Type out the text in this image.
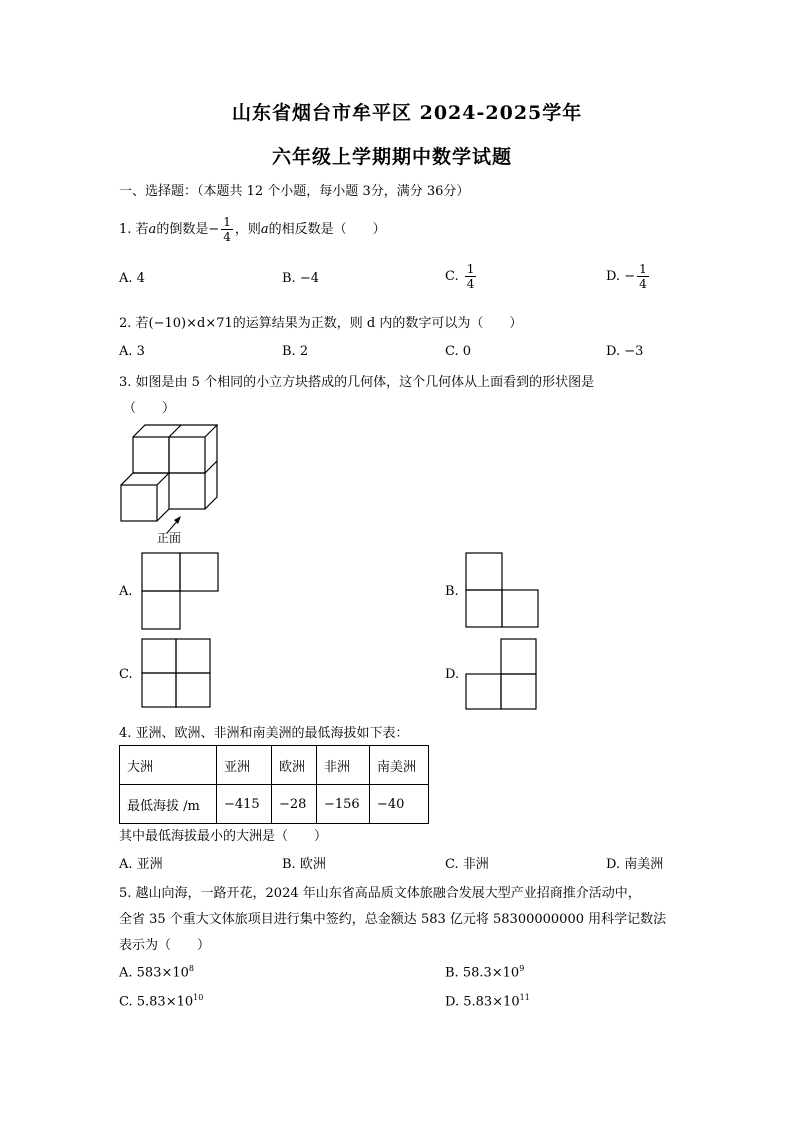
山东省烟台市牟平区 2024-2025学年
六年级上学期期中数学试题
一、选择题：（本题共 12 个小题，每小题 3分，满分 36分）
1. 若a的倒数是− $\frac{1}{4}$ ，则a的相反数是（　　）
A. 4	B. −4	C. $\frac{1}{4}$	D. − $\frac{1}{4}$
2. 若(−10)×d×71的运算结果为正数，则 d 内的数字可以为（　　）
A. 3	B. 2	C. 0	D. −3
3. 如图是由 5 个相同的小立方块搭成的几何体，这个几何体从上面看到的形状图是
（　　）
正面
A.	B.
C.	D.
4. 亚洲、欧洲、非洲和南美洲的最低海拔如下表：
大洲	亚洲	欧洲	非洲	南美洲
最低海拔 /m	−415	−28	−156	−40
其中最低海拔最小的大洲是（　　）
A. 亚洲	B. 欧洲	C. 非洲	D. 南美洲
5. 越山向海，一路开花，2024 年山东省高品质文体旅融合发展大型产业招商推介活动中，
全省 35 个重大文体旅项目进行集中签约，总金额达 583 亿元将 58300000000 用科学记数法
表示为（　　）
A. $583\times 10^8$	B. $58.3\times 10^9$
C. $5.83\times 10^{10}$	D. $5.83\times 10^{11}$
